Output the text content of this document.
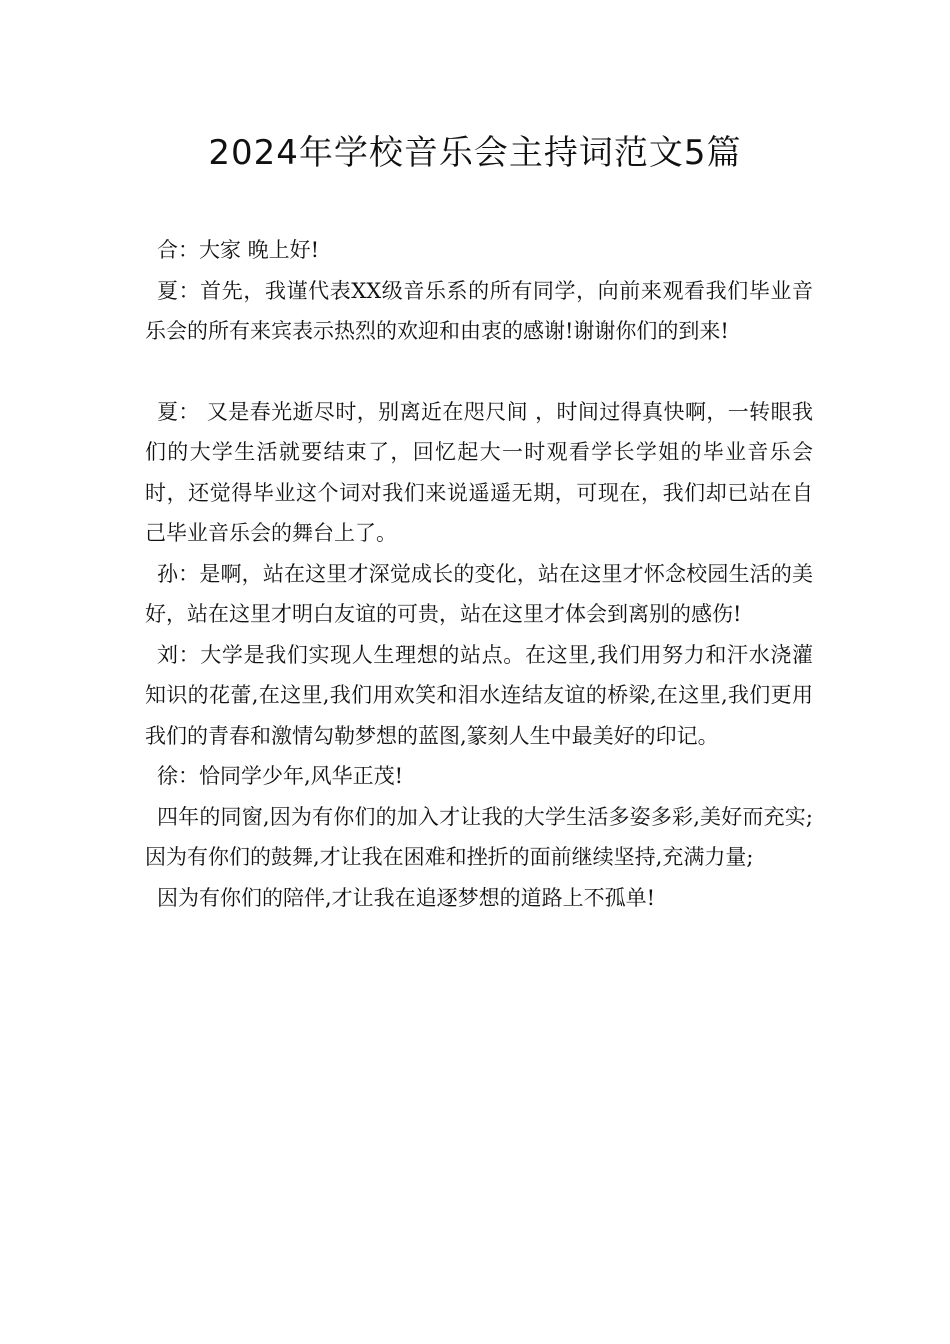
2024年学校音乐会主持词范文5篇

合：大家 晚上好!

夏：首先，我谨代表XX级音乐系的所有同学，向前来观看我们毕业音乐会的所有来宾表示热烈的欢迎和由衷的感谢!谢谢你们的到来!

夏： 又是春光逝尽时，别离近在咫尺间 ，时间过得真快啊，一转眼我们的大学生活就要结束了，回忆起大一时观看学长学姐的毕业音乐会时，还觉得毕业这个词对我们来说遥遥无期，可现在，我们却已站在自己毕业音乐会的舞台上了。

孙：是啊，站在这里才深觉成长的变化，站在这里才怀念校园生活的美好，站在这里才明白友谊的可贵，站在这里才体会到离别的感伤!

刘：大学是我们实现人生理想的站点。在这里,我们用努力和汗水浇灌知识的花蕾,在这里,我们用欢笑和泪水连结友谊的桥梁,在这里,我们更用我们的青春和激情勾勒梦想的蓝图,篆刻人生中最美好的印记。

徐：恰同学少年,风华正茂!

四年的同窗,因为有你们的加入才让我的大学生活多姿多彩,美好而充实;因为有你们的鼓舞,才让我在困难和挫折的面前继续坚持,充满力量;

因为有你们的陪伴,才让我在追逐梦想的道路上不孤单!
